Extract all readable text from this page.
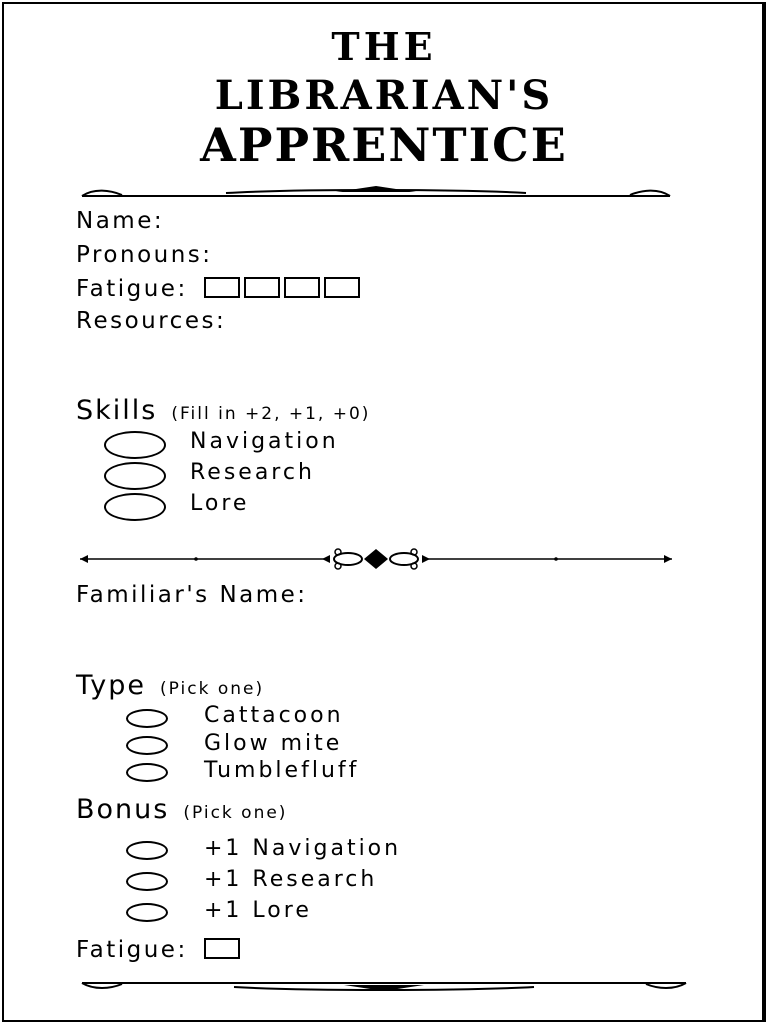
THE
LIBRARIAN'S
APPRENTICE
Name:
Pronouns:
Fatigue:
Resources:
Skills (Fill in +2, +1, +0)
Navigation
Research
Lore
Familiar's Name:
Type (Pick one)
Cattacoon
Glow mite
Tumblefluff
Bonus (Pick one)
+1 Navigation
+1 Research
+1 Lore
Fatigue:
